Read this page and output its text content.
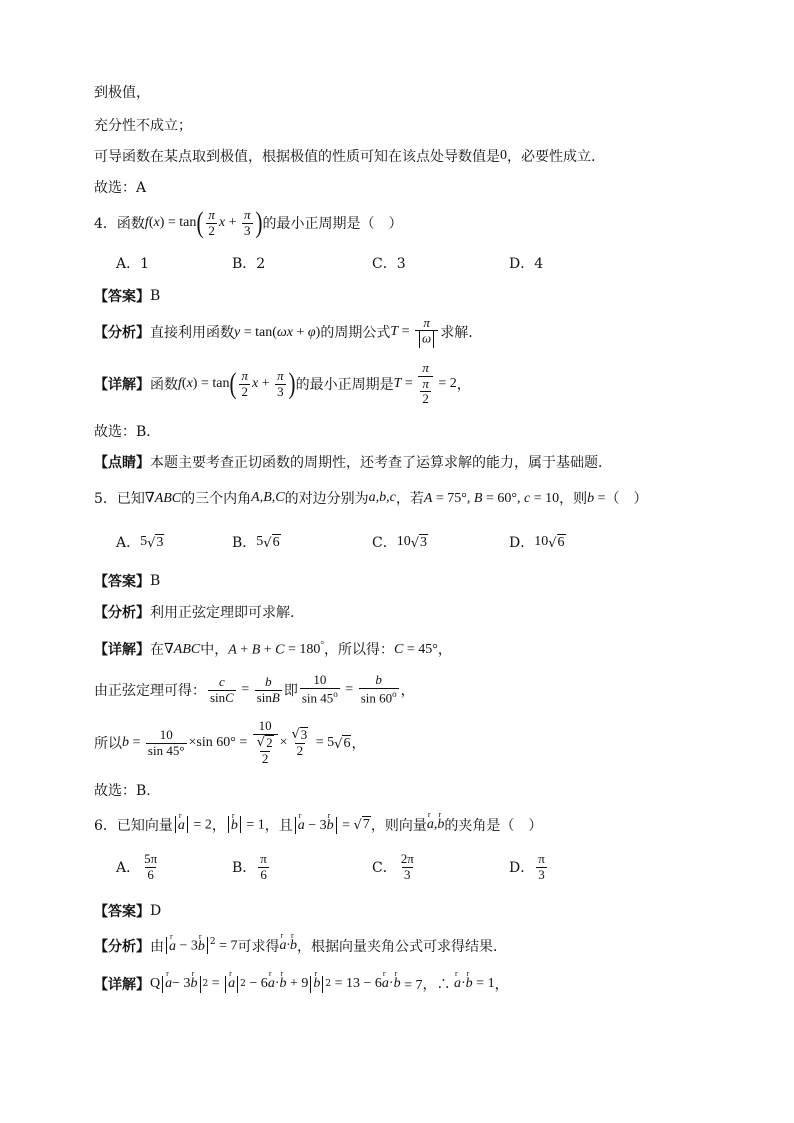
到极值，
充分性不成立；
可导函数在某点取到极值，根据极值的性质可知在该点处导数值是 0 ，必要性成立.
故选：A
4．函数 f ( x ) = tan ( $\frac{\pi}{2}$ $x + \frac{\pi}{3}$ ) 的最小正周期是（　）
A．1	B．2	C．3	D．4
【答案】 B
【分析】 直接利用函数 y = tan(ωx + φ) 的周期公式 $T = \frac{\pi}{\omega}$ 求解.
【详解】 函数 f ( x ) = tan ( $\frac{\pi}{2}$ $x + \frac{\pi}{3}$ ) 的最小正周期是 $T = \frac{\pi}{\frac{\pi}{2}} = 2$ ，
故选：B．
【点睛】 本题主要考查正切函数的周期性，还考查了运算求解的能力，属于基础题．
5．已知 ∇ABC 的三个内角 A , B , C 的对边分别为 a,b,c ，若 A = 75°, B = 60°, c = 10 ，则 b = （　）
A． 5 √ 3	B． 5 √ 6	C． 10 √ 3	D． 10 √ 6
【答案】 B
【分析】 利用正弦定理即可求解.
【详解】 在 ∇ABC 中， A + B + C = 180° ，所以得： C = 45° ，
由正弦定理可得： $\frac{c}{\sin C} = \frac{b}{\sin B}$ 即 $\frac{10}{\sin 45^o} = \frac{b}{\sin 60^o}$ ，
所以 $b = \frac{10}{\sin 45^\circ} \times\sin$ $60^\circ = \frac{10}{\frac{√ 2}{2}} \times \frac{√ 3}{2} = 5$ √ 6 ，
故选：B.
6．已知向量 a
r
= 2 ， b
r
= 1 ，且 a
r
− 3b
r
= √ 7 ，则向量 a
r
,b
r
的夹角是（　）
A． $\frac{5\pi}{6}$	B． $\frac{\pi}{6}$	C． $\frac{2\pi}{3}$	D． $\frac{\pi}{3}$
【答案】 D
【分析】 由 a
r
− 3b
r
$^2$ = 7 可求得 a
r
·b
r
，根据向量夹角公式可求得结果.
【详解】 Q a
r
− 3 b
r
2 = a
r
2 − 6 a
r
· b
r
+ 9 b
r
2 = 13 − 6 a
r
· b
r
= 7，∴ a
r
· b
r
= 1 ，
